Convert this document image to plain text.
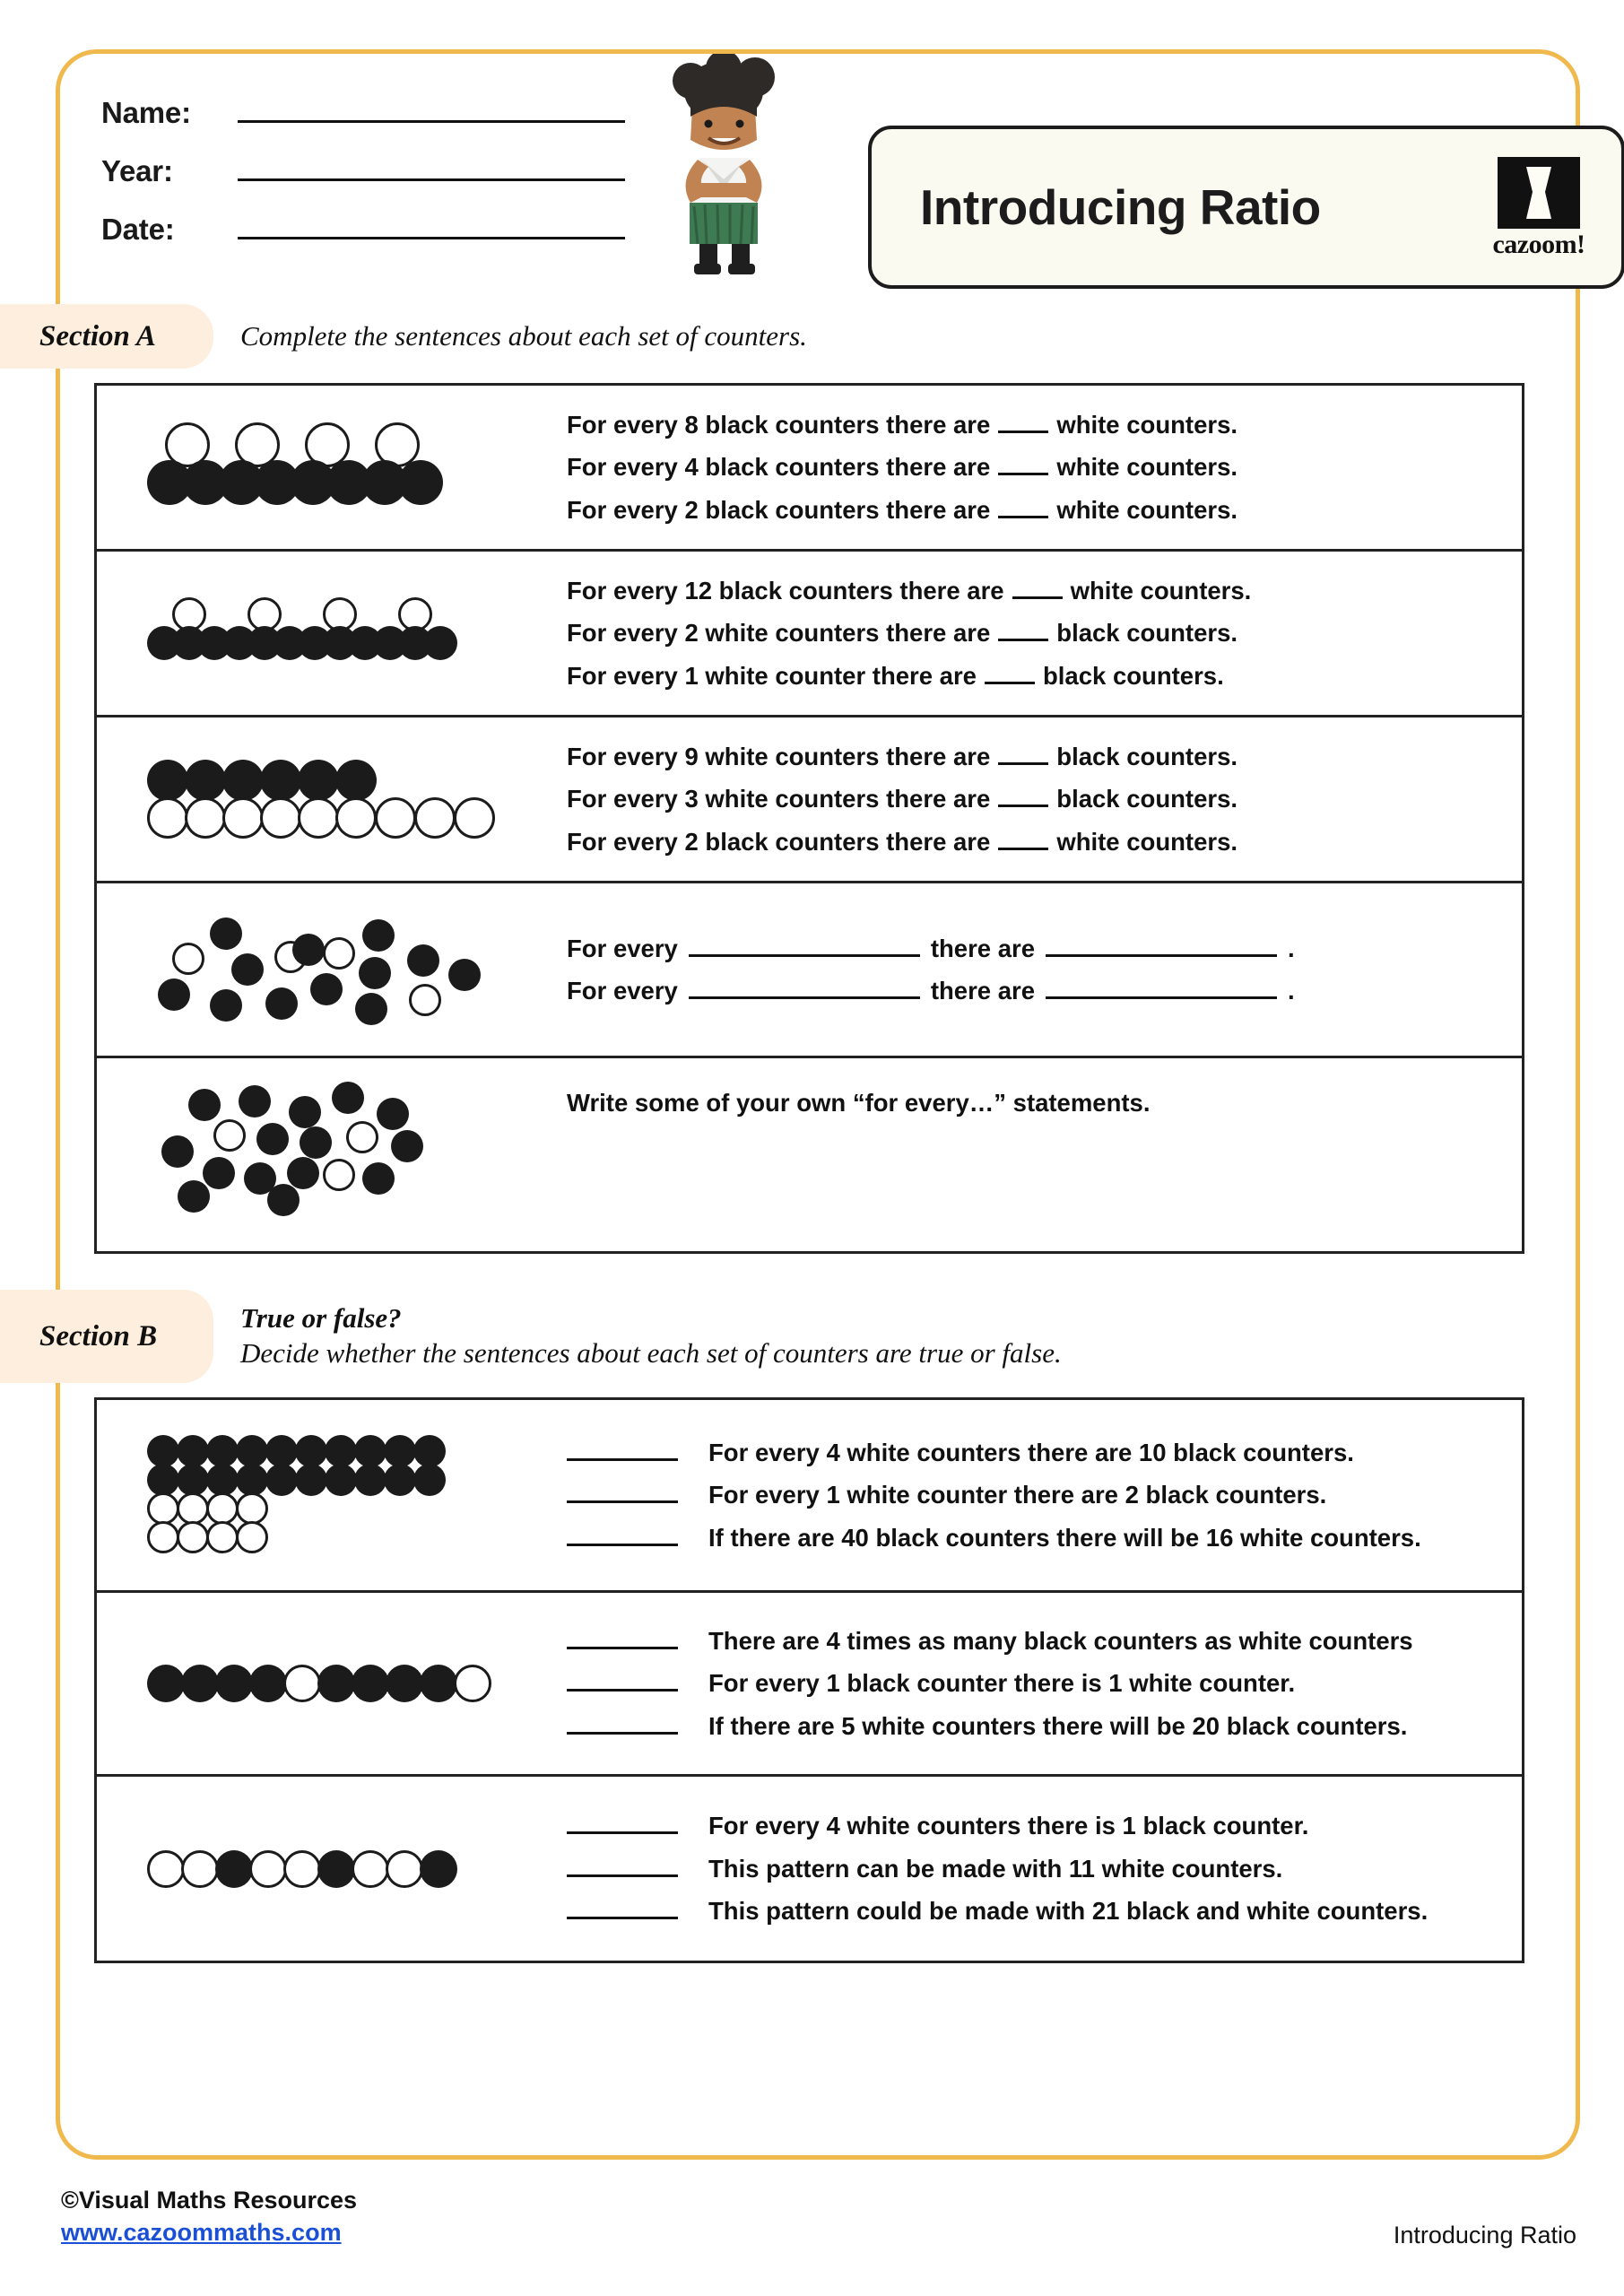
Name:
Year:
Date:	Introducing Ratio
cazoom!
Section A	Complete the sentences about each set of counters.
For every 8 black counters there are	white counters.
For every 4 black counters there are	white counters.
For every 2 black counters there are	white counters.
For every 12 black counters there are	white counters.
For every 2 white counters there are	black counters.
For every 1 white counter there are	black counters.
For every 9 white counters there are	black counters.
For every 3 white counters there are	black counters.
For every 2 black counters there are	white counters.
For every	there are	.
For every	there are	.
Write some of your own “for every…” statements.
Section B
True or false?
Decide whether the sentences about each set of counters are true or false.
For every 4 white counters there are 10 black counters.
For every 1 white counter there are 2 black counters.
If there are 40 black counters there will be 16 white counters.
There are 4 times as many black counters as white counters
For every 1 black counter there is 1 white counter.
If there are 5 white counters there will be 20 black counters.
For every 4 white counters there is 1 black counter.
This pattern can be made with 11 white counters.
This pattern could be made with 21 black and white counters.
©Visual Maths Resources
www.cazoommaths.com	Introducing Ratio
